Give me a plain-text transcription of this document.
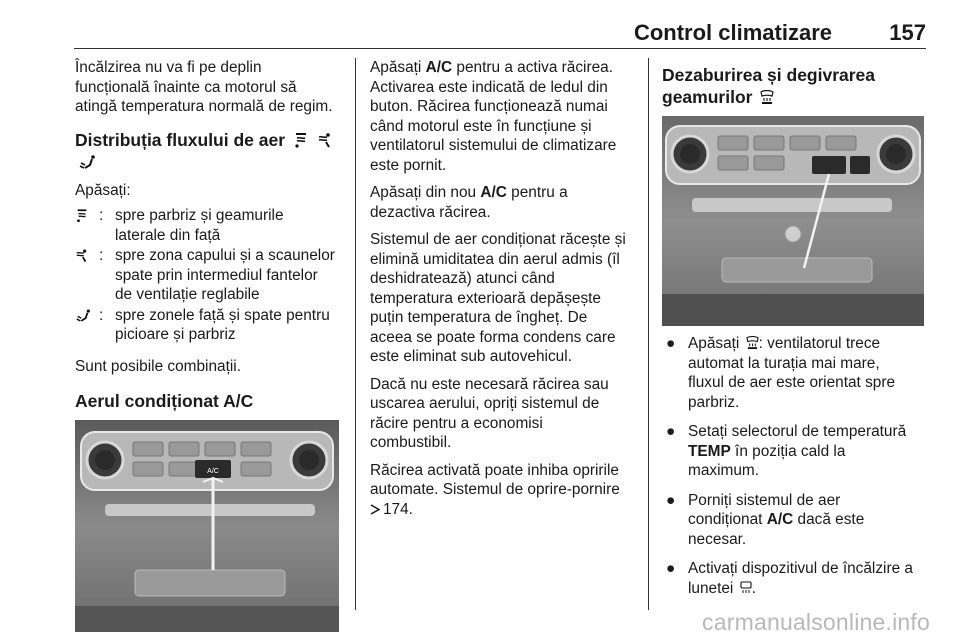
Control climatizare	157

Încălzirea nu va fi pe deplin
funcțională înainte ca motorul să
atingă temperatura normală de regim.

Distribuția fluxului de aer

Apăsați:

: spre parbriz și geamurile
laterale din față
: spre zona capului și a scaunelor
spate prin intermediul fantelor
de ventilație reglabile
: spre zonele față și spate pentru
picioare și parbriz

Sunt posibile combinații.

Aerul condiționat A/C
A/C

Apăsați A/C pentru a activa răcirea.
Activarea este indicată de ledul din
buton. Răcirea funcționează numai
când motorul este în funcțiune și
ventilatorul sistemului de climatizare
este pornit.

Apăsați din nou A/C pentru a
dezactiva răcirea.

Sistemul de aer condiționat răcește și
elimină umiditatea din aerul admis (îl
deshidratează) atunci când
temperatura exterioară depășește
puțin temperatura de îngheț. De
aceea se poate forma condens care
este eliminat sub autovehicul.

Dacă nu este necesară răcirea sau
uscarea aerului, opriți sistemul de
răcire pentru a economisi
combustibil.

Răcirea activată poate inhiba opririle
automate. Sistemul de oprire-pornire
174.

Dezaburirea și degivrarea
geamurilor
● Apăsați : ventilatorul trece
automat la turația mai mare,
fluxul de aer este orientat spre
parbriz.
● Setați selectorul de temperatură
TEMP în poziția cald la
maximum.
● Porniți sistemul de aer
condiționat A/C dacă este
necesar.
● Activați dispozitivul de încălzire a
lunetei .
carmanualsonline.info
